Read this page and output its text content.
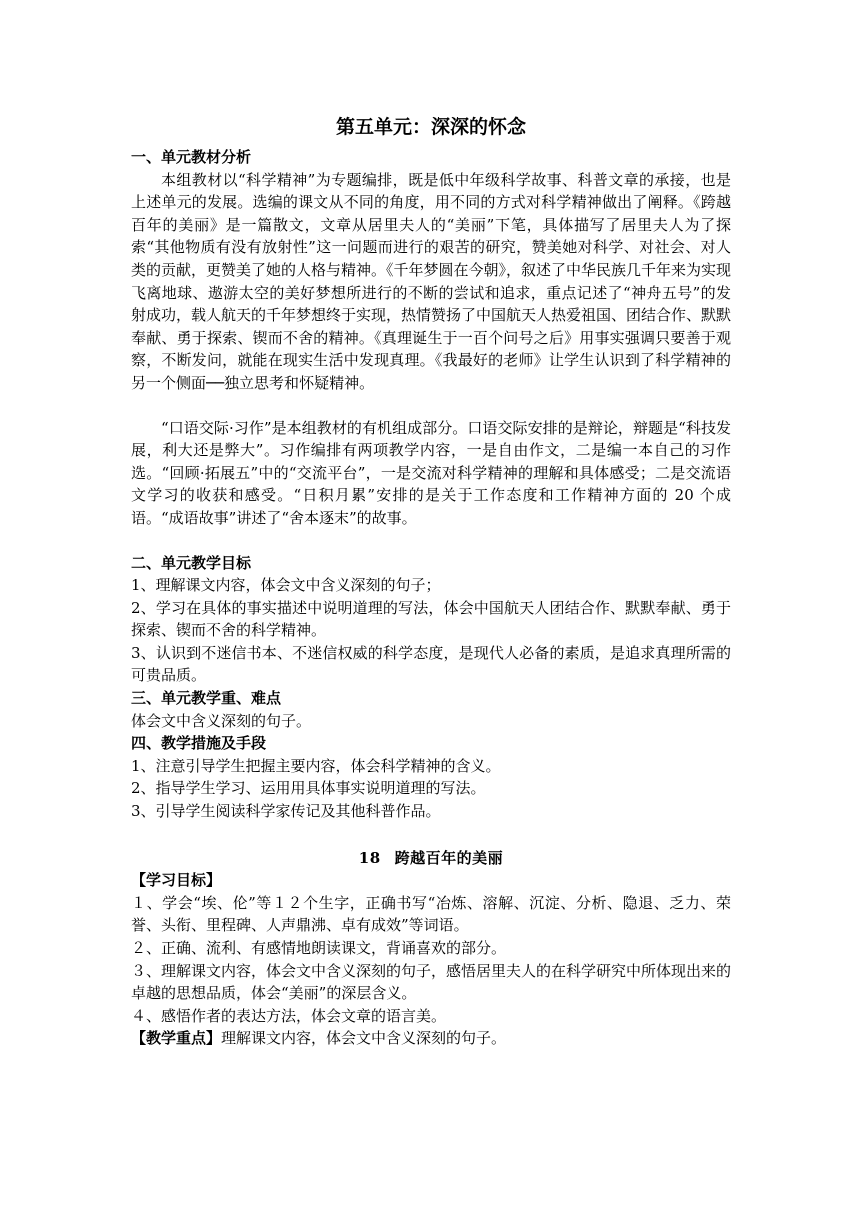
第五单元：深深的怀念

一、单元教材分析

本组教材以“科学精神”为专题编排，既是低中年级科学故事、科普文章的承接，也是上述单元的发展。选编的课文从不同的角度，用不同的方式对科学精神做出了阐释。《跨越百年的美丽》是一篇散文，文章从居里夫人的“美丽”下笔，具体描写了居里夫人为了探索“其他物质有没有放射性”这一问题而进行的艰苦的研究，赞美她对科学、对社会、对人类的贡献，更赞美了她的人格与精神。《千年梦圆在今朝》，叙述了中华民族几千年来为实现飞离地球、遨游太空的美好梦想所进行的不断的尝试和追求，重点记述了“神舟五号”的发射成功，载人航天的千年梦想终于实现，热情赞扬了中国航天人热爱祖国、团结合作、默默奉献、勇于探索、锲而不舍的精神。《真理诞生于一百个问号之后》用事实强调只要善于观察，不断发问，就能在现实生活中发现真理。《我最好的老师》让学生认识到了科学精神的另一个侧面──独立思考和怀疑精神。

“口语交际·习作”是本组教材的有机组成部分。口语交际安排的是辩论，辩题是“科技发展，利大还是弊大”。习作编排有两项教学内容，一是自由作文，二是编一本自己的习作选。“回顾·拓展五”中的“交流平台”，一是交流对科学精神的理解和具体感受；二是交流语文学习的收获和感受。“日积月累”安排的是关于工作态度和工作精神方面的 20 个成语。“成语故事”讲述了“舍本逐末”的故事。

二、单元教学目标

1、理解课文内容，体会文中含义深刻的句子；

2、学习在具体的事实描述中说明道理的写法，体会中国航天人团结合作、默默奉献、勇于探索、锲而不舍的科学精神。

3、认识到不迷信书本、不迷信权威的科学态度，是现代人必备的素质，是追求真理所需的可贵品质。

三、单元教学重、难点

体会文中含义深刻的句子。

四、教学措施及手段

1、注意引导学生把握主要内容，体会科学精神的含义。

2、指导学生学习、运用用具体事实说明道理的写法。

3、引导学生阅读科学家传记及其他科普作品。

18 跨越百年的美丽

【学习目标】

１、学会“埃、伦”等１２个生字，正确书写“冶炼、溶解、沉淀、分析、隐退、乏力、荣誉、头衔、里程碑、人声鼎沸、卓有成效”等词语。

２、正确、流利、有感情地朗读课文，背诵喜欢的部分。

３、理解课文内容，体会文中含义深刻的句子，感悟居里夫人的在科学研究中所体现出来的卓越的思想品质，体会“美丽”的深层含义。

４、感悟作者的表达方法，体会文章的语言美。

【教学重点】理解课文内容，体会文中含义深刻的句子。
